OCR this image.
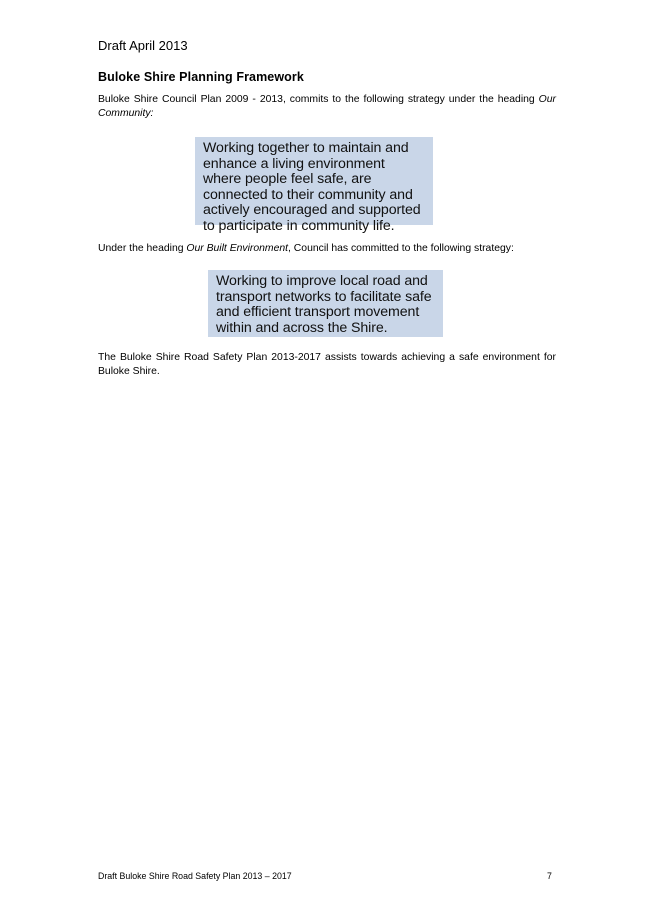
Draft April 2013
Buloke Shire Planning Framework
Buloke Shire Council Plan 2009 - 2013, commits to the following strategy under the heading Our Community:
Working together to maintain and
enhance a living environment
where people feel safe, are
connected to their community and
actively encouraged and supported
to participate in community life.
Under the heading Our Built Environment, Council has committed to the following strategy:
Working to improve local road and
transport networks to facilitate safe
and efficient transport movement
within and across the Shire.
The Buloke Shire Road Safety Plan 2013-2017 assists towards achieving a safe environment for Buloke Shire.
Draft Buloke Shire Road Safety Plan 2013 – 2017	7
